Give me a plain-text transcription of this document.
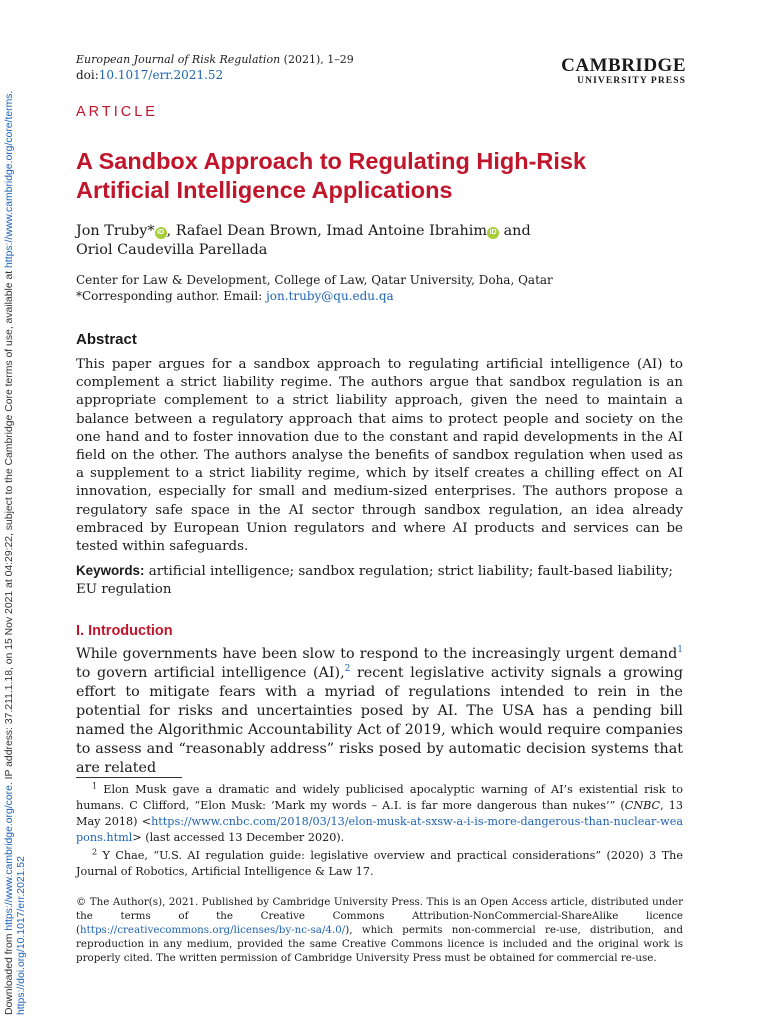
Downloaded from https://www.cambridge.org/core. IP address: 37.211.1.18, on 15 Nov 2021 at 04:29:22, subject to the Cambridge Core terms of use, available at https://www.cambridge.org/core/terms.
https://doi.org/10.1017/err.2021.52
European Journal of Risk Regulation (2021), 1–29
doi:10.1017/err.2021.52	CAMBRIDGE
UNIVERSITY PRESS
ARTICLE
A Sandbox Approach to Regulating High-Risk Artificial Intelligence Applications
Jon Truby* iD , Rafael Dean Brown, Imad Antoine Ibrahim iD and
Oriol Caudevilla Parellada
Center for Law & Development, College of Law, Qatar University, Doha, Qatar
*Corresponding author. Email: jon.truby@qu.edu.qa
Abstract

This paper argues for a sandbox approach to regulating artificial intelligence (AI) to complement a strict liability regime. The authors argue that sandbox regulation is an appropriate complement to a strict liability approach, given the need to maintain a balance between a regulatory approach that aims to protect people and society on the one hand and to foster innovation due to the constant and rapid developments in the AI field on the other. The authors analyse the benefits of sandbox regulation when used as a supplement to a strict liability regime, which by itself creates a chilling effect on AI innovation, especially for small and medium-sized enterprises. The authors propose a regulatory safe space in the AI sector through sandbox regulation, an idea already embraced by European Union regulators and where AI products and services can be tested within safeguards.

Keywords: artificial intelligence; sandbox regulation; strict liability; fault-based liability; EU regulation
I. Introduction

While governments have been slow to respond to the increasingly urgent demand$^1$ to govern artificial intelligence (AI),$^2$ recent legislative activity signals a growing effort to mitigate fears with a myriad of regulations intended to rein in the potential for risks and uncertainties posed by AI. The USA has a pending bill named the Algorithmic Accountability Act of 2019, which would require companies to assess and “reasonably address” risks posed by automatic decision systems that are related

$^1$ Elon Musk gave a dramatic and widely publicised apocalyptic warning of AI’s existential risk to humans. C Clifford, “Elon Musk: ‘Mark my words – A.I. is far more dangerous than nukes’” (CNBC, 13 May 2018) <https://www.cnbc.com/2018/03/13/elon-musk-at-sxsw-a-i-is-more-dangerous-than-nuclear-weapons.html> (last accessed 13 December 2020).

$^2$ Y Chae, “U.S. AI regulation guide: legislative overview and practical considerations” (2020) 3 The Journal of Robotics, Artificial Intelligence & Law 17.

© The Author(s), 2021. Published by Cambridge University Press. This is an Open Access article, distributed under the terms of the Creative Commons Attribution-NonCommercial-ShareAlike licence (https://creativecommons.org/licenses/by-nc-sa/4.0/), which permits non-commercial re-use, distribution, and reproduction in any medium, provided the same Creative Commons licence is included and the original work is properly cited. The written permission of Cambridge University Press must be obtained for commercial re-use.
